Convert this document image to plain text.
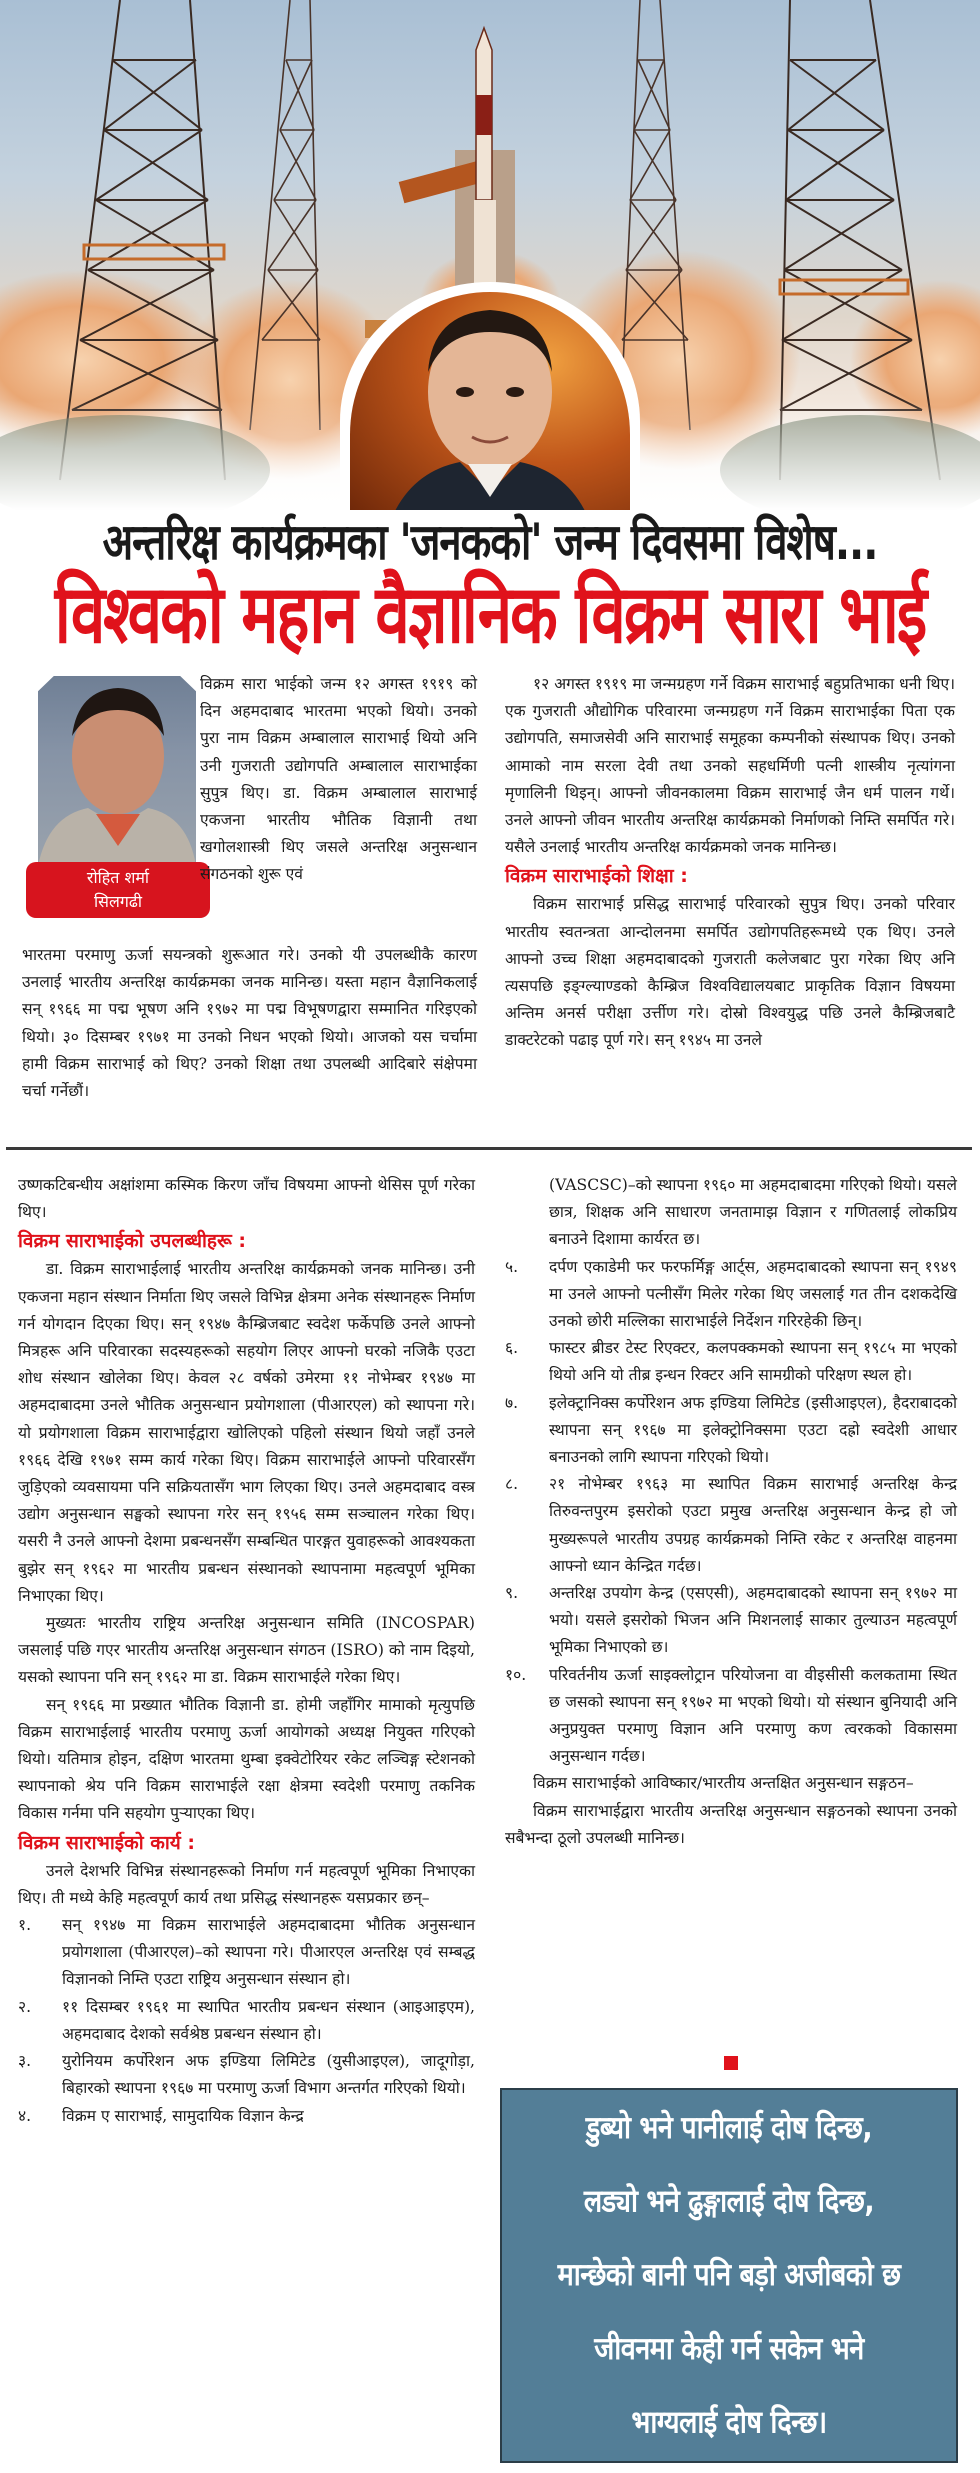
अन्तरिक्ष कार्यक्रमका 'जनकको' जन्म दिवसमा विशेष...
विश्वको महान वैज्ञानिक विक्रम सारा भाई
रोहित शर्मा
सिलगढी

विक्रम सारा भाईको जन्म १२ अगस्त १९१९ को दिन अहमदाबाद भारतमा भएको थियो। उनको पुरा नाम विक्रम अम्बालाल साराभाई थियो अनि उनी गुजराती उद्योगपति अम्बालाल साराभाईका सुपुत्र थिए। डा. विक्रम अम्बालाल साराभाई एकजना भारतीय भौतिक विज्ञानी तथा खगोलशास्त्री थिए जसले अन्तरिक्ष अनुसन्धान संगठनको शुरू एवं

भारतमा परमाणु ऊर्जा सयन्त्रको शुरूआत गरे। उनको यी उपलब्धीकै कारण उनलाई भारतीय अन्तरिक्ष कार्यक्रमका जनक मानिन्छ। यस्ता महान वैज्ञानिकलाई सन् १९६६ मा पद्म भूषण अनि १९७२ मा पद्म विभूषणद्वारा सम्मानित गरिइएको थियो। ३० दिसम्बर १९७१ मा उनको निधन भएको थियो। आजको यस चर्चामा हामी विक्रम साराभाई को थिए? उनको शिक्षा तथा उपलब्धी आदिबारे संक्षेपमा चर्चा गर्नेछौं।

१२ अगस्त १९१९ मा जन्मग्रहण गर्ने विक्रम साराभाई बहुप्रतिभाका धनी थिए। एक गुजराती औद्योगिक परिवारमा जन्मग्रहण गर्ने विक्रम साराभाईका पिता एक उद्योगपति, समाजसेवी अनि साराभाई समूहका कम्पनीको संस्थापक थिए। उनको आमाको नाम सरला देवी तथा उनको सहधर्मिणी पत्नी शास्त्रीय नृत्यांगना मृणालिनी थिइन्। आफ्नो जीवनकालमा विक्रम साराभाई जैन धर्म पालन गर्थे। उनले आफ्नो जीवन भारतीय अन्तरिक्ष कार्यक्रमको निर्माणको निम्ति समर्पित गरे। यसैले उनलाई भारतीय अन्तरिक्ष कार्यक्रमको जनक मानिन्छ।

विक्रम साराभाईको शिक्षा :

विक्रम साराभाई प्रसिद्ध साराभाई परिवारको सुपुत्र थिए। उनको परिवार भारतीय स्वतन्त्रता आन्दोलनमा समर्पित उद्योगपतिहरूमध्ये एक थिए। उनले आफ्नो उच्च शिक्षा अहमदाबादको गुजराती कलेजबाट पुरा गरेका थिए अनि त्यसपछि इङ्ग्ल्याण्डको कैम्ब्रिज विश्वविद्यालयबाट प्राकृतिक विज्ञान विषयमा अन्तिम अनर्स परीक्षा उर्त्तीण गरे। दोस्रो विश्वयुद्ध पछि उनले कैम्ब्रिजबाटै डाक्टरेटको पढाइ पूर्ण गरे। सन् १९४५ मा उनले

उष्णकटिबन्धीय अक्षांशमा कस्मिक किरण जाँच विषयमा आफ्नो थेसिस पूर्ण गरेका थिए।

विक्रम साराभाईको उपलब्धीहरू :

डा. विक्रम साराभाईलाई भारतीय अन्तरिक्ष कार्यक्रमको जनक मानिन्छ। उनी एकजना महान संस्थान निर्माता थिए जसले विभिन्न क्षेत्रमा अनेक संस्थानहरू निर्माण गर्न योगदान दिएका थिए। सन् १९४७ कैम्ब्रिजबाट स्वदेश फर्केपछि उनले आफ्नो मित्रहरू अनि परिवारका सदस्यहरूको सहयोग लिएर आफ्नो घरको नजिकै एउटा शोध संस्थान खोलेका थिए। केवल २८ वर्षको उमेरमा ११ नोभेम्बर १९४७ मा अहमदाबादमा उनले भौतिक अनुसन्धान प्रयोगशाला (पीआरएल) को स्थापना गरे। यो प्रयोगशाला विक्रम साराभाईद्वारा खोलिएको पहिलो संस्थान थियो जहाँ उनले १९६६ देखि १९७१ सम्म कार्य गरेका थिए। विक्रम साराभाईले आफ्नो परिवारसँग जुड़िएको व्यवसायमा पनि सक्रियतासँग भाग लिएका थिए। उनले अहमदाबाद वस्त्र उद्योग अनुसन्धान सङ्घको स्थापना गरेर सन् १९५६ सम्म सञ्चालन गरेका थिए। यसरी नै उनले आफ्नो देशमा प्रबन्धनसँग सम्बन्धित पारङ्गत युवाहरूको आवश्यकता बुझेर सन् १९६२ मा भारतीय प्रबन्धन संस्थानको स्थापनामा महत्वपूर्ण भूमिका निभाएका थिए।

मुख्यतः भारतीय राष्ट्रिय अन्तरिक्ष अनुसन्धान समिति (INCOSPAR) जसलाई पछि गएर भारतीय अन्तरिक्ष अनुसन्धान संगठन (ISRO) को नाम दिइयो, यसको स्थापना पनि सन् १९६२ मा डा. विक्रम साराभाईले गरेका थिए।

सन् १९६६ मा प्रख्यात भौतिक विज्ञानी डा. होमी जहाँगिर मामाको मृत्युपछि विक्रम साराभाईलाई भारतीय परमाणु ऊर्जा आयोगको अध्यक्ष नियुक्त गरिएको थियो। यतिमात्र होइन, दक्षिण भारतमा थुम्बा इक्वेटोरियर रकेट लञ्चिङ्ग स्टेशनको स्थापनाको श्रेय पनि विक्रम साराभाईले रक्षा क्षेत्रमा स्वदेशी परमाणु तकनिक विकास गर्नमा पनि सहयोग पुऱ्याएका थिए।

विक्रम साराभाईको कार्य :

उनले देशभरि विभिन्न संस्थानहरूको निर्माण गर्न महत्वपूर्ण भूमिका निभाएका थिए। ती मध्ये केहि महत्वपूर्ण कार्य तथा प्रसिद्ध संस्थानहरू यसप्रकार छन्–

१. सन् १९४७ मा विक्रम साराभाईले अहमदाबादमा भौतिक अनुसन्धान प्रयोगशाला (पीआरएल)–को स्थापना गरे। पीआरएल अन्तरिक्ष एवं सम्बद्ध विज्ञानको निम्ति एउटा राष्ट्रिय अनुसन्धान संस्थान हो।
२. ११ दिसम्बर १९६१ मा स्थापित भारतीय प्रबन्धन संस्थान (आइआइएम), अहमदाबाद देशको सर्वश्रेष्ठ प्रबन्धन संस्थान हो।
३. युरोनियम कर्पोरेशन अफ इण्डिया लिमिटेड (युसीआइएल), जादूगोड़ा, बिहारको स्थापना १९६७ मा परमाणु ऊर्जा विभाग अन्तर्गत गरिएको थियो।
४. विक्रम ए साराभाई, सामुदायिक विज्ञान केन्द्र
(VASCSC)–को स्थापना १९६० मा अहमदाबादमा गरिएको थियो। यसले छात्र, शिक्षक अनि साधारण जनतामाझ विज्ञान र गणितलाई लोकप्रिय बनाउने दिशामा कार्यरत छ।
५. दर्पण एकाडेमी फर फरफर्मिङ्ग आर्ट्स, अहमदाबादको स्थापना सन् १९४९ मा उनले आफ्नो पत्नीसँग मिलेर गरेका थिए जसलाई गत तीन दशकदेखि उनको छोरी मल्लिका साराभाईले निर्देशन गरिरहेकी छिन्।
६. फास्टर ब्रीडर टेस्ट रिएक्टर, कलपक्कमको स्थापना सन् १९८५ मा भएको थियो अनि यो तीब्र इन्धन रिक्टर अनि सामग्रीको परिक्षण स्थल हो।
७. इलेक्ट्रानिक्स कर्पोरेशन अफ इण्डिया लिमिटेड (इसीआइएल), हैदराबादको स्थापना सन् १९६७ मा इलेक्ट्रोनिक्समा एउटा दह्रो स्वदेशी आधार बनाउनको लागि स्थापना गरिएको थियो।
८. २१ नोभेम्बर १९६३ मा स्थापित विक्रम साराभाई अन्तरिक्ष केन्द्र तिरुवन्तपुरम इसरोको एउटा प्रमुख अन्तरिक्ष अनुसन्धान केन्द्र हो जो मुख्यरूपले भारतीय उपग्रह कार्यक्रमको निम्ति रकेट र अन्तरिक्ष वाहनमा आफ्नो ध्यान केन्द्रित गर्दछ।
९. अन्तरिक्ष उपयोग केन्द्र (एसएसी), अहमदाबादको स्थापना सन् १९७२ मा भयो। यसले इसरोको भिजन अनि मिशनलाई साकार तुल्याउन महत्वपूर्ण भूमिका निभाएको छ।
१०. परिवर्तनीय ऊर्जा साइक्लोट्रान परियोजना वा वीइसीसी कलकतामा स्थित छ जसको स्थापना सन् १९७२ मा भएको थियो। यो संस्थान बुनियादी अनि अनुप्रयुक्त परमाणु विज्ञान अनि परमाणु कण त्वरकको विकासमा अनुसन्धान गर्दछ।

विक्रम साराभाईको आविष्कार/भारतीय अन्तक्षित अनुसन्धान सङ्गठन–

विक्रम साराभाईद्वारा भारतीय अन्तरिक्ष अनुसन्धान सङ्गठनको स्थापना उनको सबैभन्दा ठूलो उपलब्धी मानिन्छ।

डुब्यो भने पानीलाई दोष दिन्छ,
लड्यो भने ढुङ्गालाई दोष दिन्छ,
मान्छेको बानी पनि बड़ो अजीबको छ
जीवनमा केही गर्न सकेन भने
भाग्यलाई दोष दिन्छ।
